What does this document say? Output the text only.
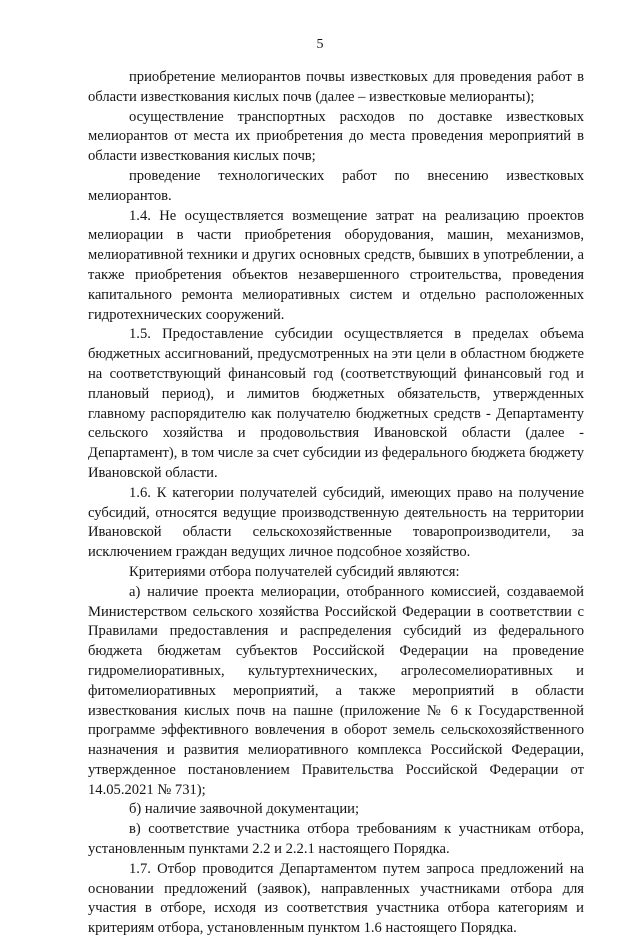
5

приобретение мелиорантов почвы известковых для проведения работ в области известкования кислых почв (далее – известковые мелиоранты);

осуществление транспортных расходов по доставке известковых мелиорантов от места их приобретения до места проведения мероприятий в области известкования кислых почв;

проведение технологических работ по внесению известковых мелиорантов.

1.4. Не осуществляется возмещение затрат на реализацию проектов мелиорации в части приобретения оборудования, машин, механизмов, мелиоративной техники и других основных средств, бывших в употреблении, а также приобретения объектов незавершенного строительства, проведения капитального ремонта мелиоративных систем и отдельно расположенных гидротехнических сооружений.

1.5. Предоставление субсидии осуществляется в пределах объема бюджетных ассигнований, предусмотренных на эти цели в областном бюджете на соответствующий финансовый год (соответствующий финансовый год и плановый период), и лимитов бюджетных обязательств, утвержденных главному распорядителю как получателю бюджетных средств - Департаменту сельского хозяйства и продовольствия Ивановской области (далее - Департамент), в том числе за счет субсидии из федерального бюджета бюджету Ивановской области.

1.6. К категории получателей субсидий, имеющих право на получение субсидий, относятся ведущие производственную деятельность на территории Ивановской области сельскохозяйственные товаропроизводители, за исключением граждан ведущих личное подсобное хозяйство.

Критериями отбора получателей субсидий являются:

а) наличие проекта мелиорации, отобранного комиссией, создаваемой Министерством сельского хозяйства Российской Федерации в соответствии с Правилами предоставления и распределения субсидий из федерального бюджета бюджетам субъектов Российской Федерации на проведение гидромелиоративных, культуртехнических, агролесомелиоративных и фитомелиоративных мероприятий, а также мероприятий в области известкования кислых почв на пашне (приложение № 6 к Государственной программе эффективного вовлечения в оборот земель сельскохозяйственного назначения и развития мелиоративного комплекса Российской Федерации, утвержденное постановлением Правительства Российской Федерации от 14.05.2021 № 731);

б) наличие заявочной документации;

в) соответствие участника отбора требованиям к участникам отбора, установленным пунктами 2.2 и 2.2.1 настоящего Порядка.

1.7. Отбор проводится Департаментом путем запроса предложений на основании предложений (заявок), направленных участниками отбора для участия в отборе, исходя из соответствия участника отбора категориям и критериям отбора, установленным пунктом 1.6 настоящего Порядка.
